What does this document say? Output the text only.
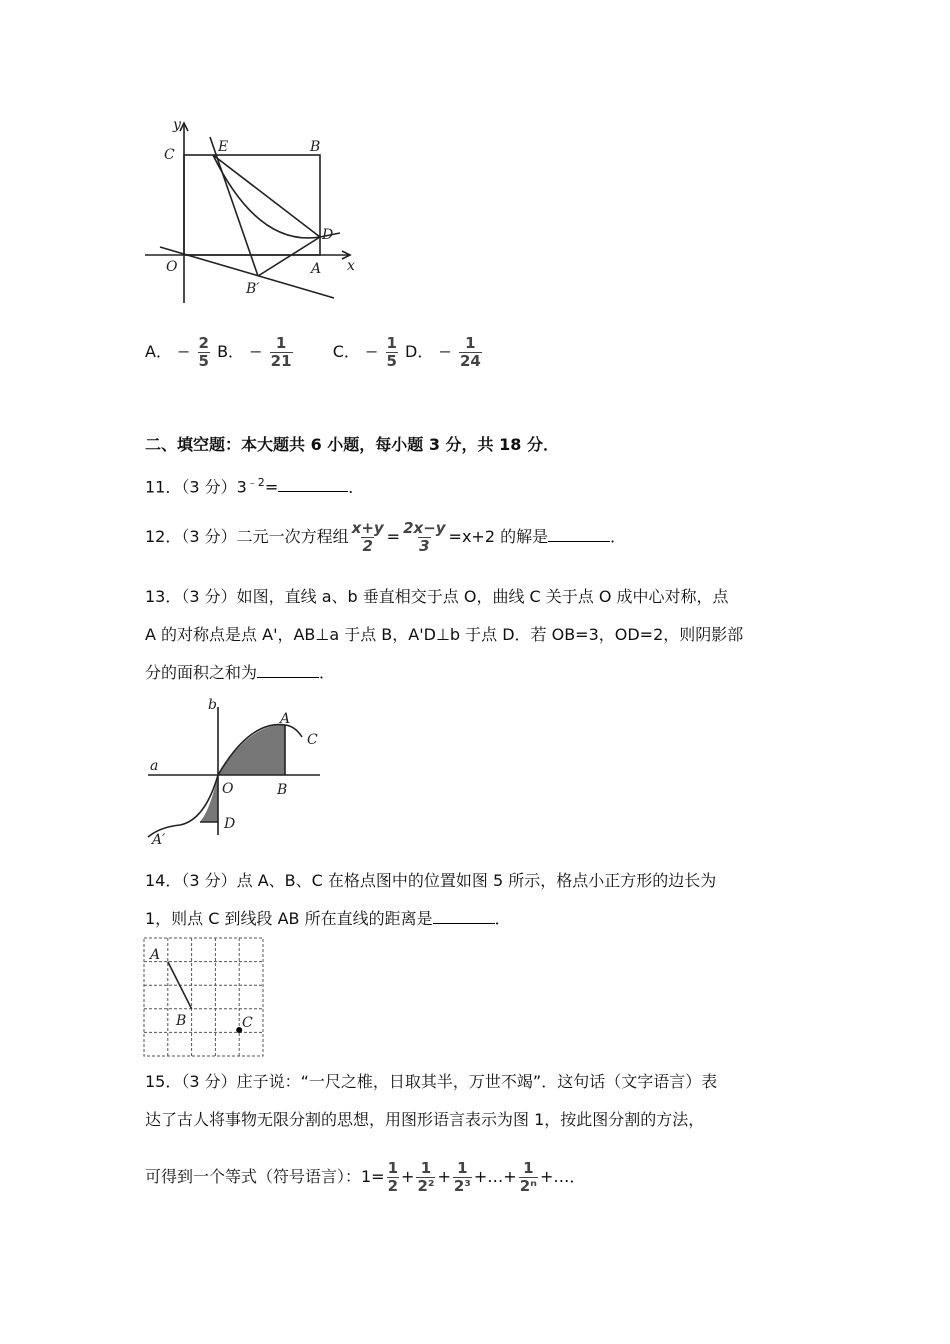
y
x
C	E	B
O
D
A
B′
A． − $\frac{2}{5}$ B． − $\frac{1}{21}$	C． − $\frac{1}{5}$ D． − $\frac{1}{24}$
二、填空题：本大题共 6 小题，每小题 3 分，共 18 分．
11．（3 分）$3^{﹣2}=$	．
12．（3 分）二元一次方程组 $\frac{x+y}{2} = \frac{2x-y}{3} =x+2$ 的解是	．
13．（3 分）如图，直线 a、b 垂直相交于点 O，曲线 C 关于点 O 成中心对称，点
A 的对称点是点 A'，AB⊥a 于点 B，A'D⊥b 于点 D．若 OB=3，OD=2，则阴影部
分的面积之和为	．
b
A
C
a
O	B
D
A′
14．（3 分）点 A、B、C 在格点图中的位置如图 5 所示，格点小正方形的边长为
1，则点 C 到线段 AB 所在直线的距离是	．
A
B	C
15．（3 分）庄子说：“一尺之椎，日取其半，万世不竭”．这句话（文字语言）表
达了古人将事物无限分割的思想，用图形语言表示为图 1，按此图分割的方法，
可得到一个等式（符号语言）：$1= \frac{1}{2} + \frac{1}{\text{2²}} + \frac{1}{\text{2³}}$ +…+ $\frac{1}{\text{2ⁿ}}$ +…．
